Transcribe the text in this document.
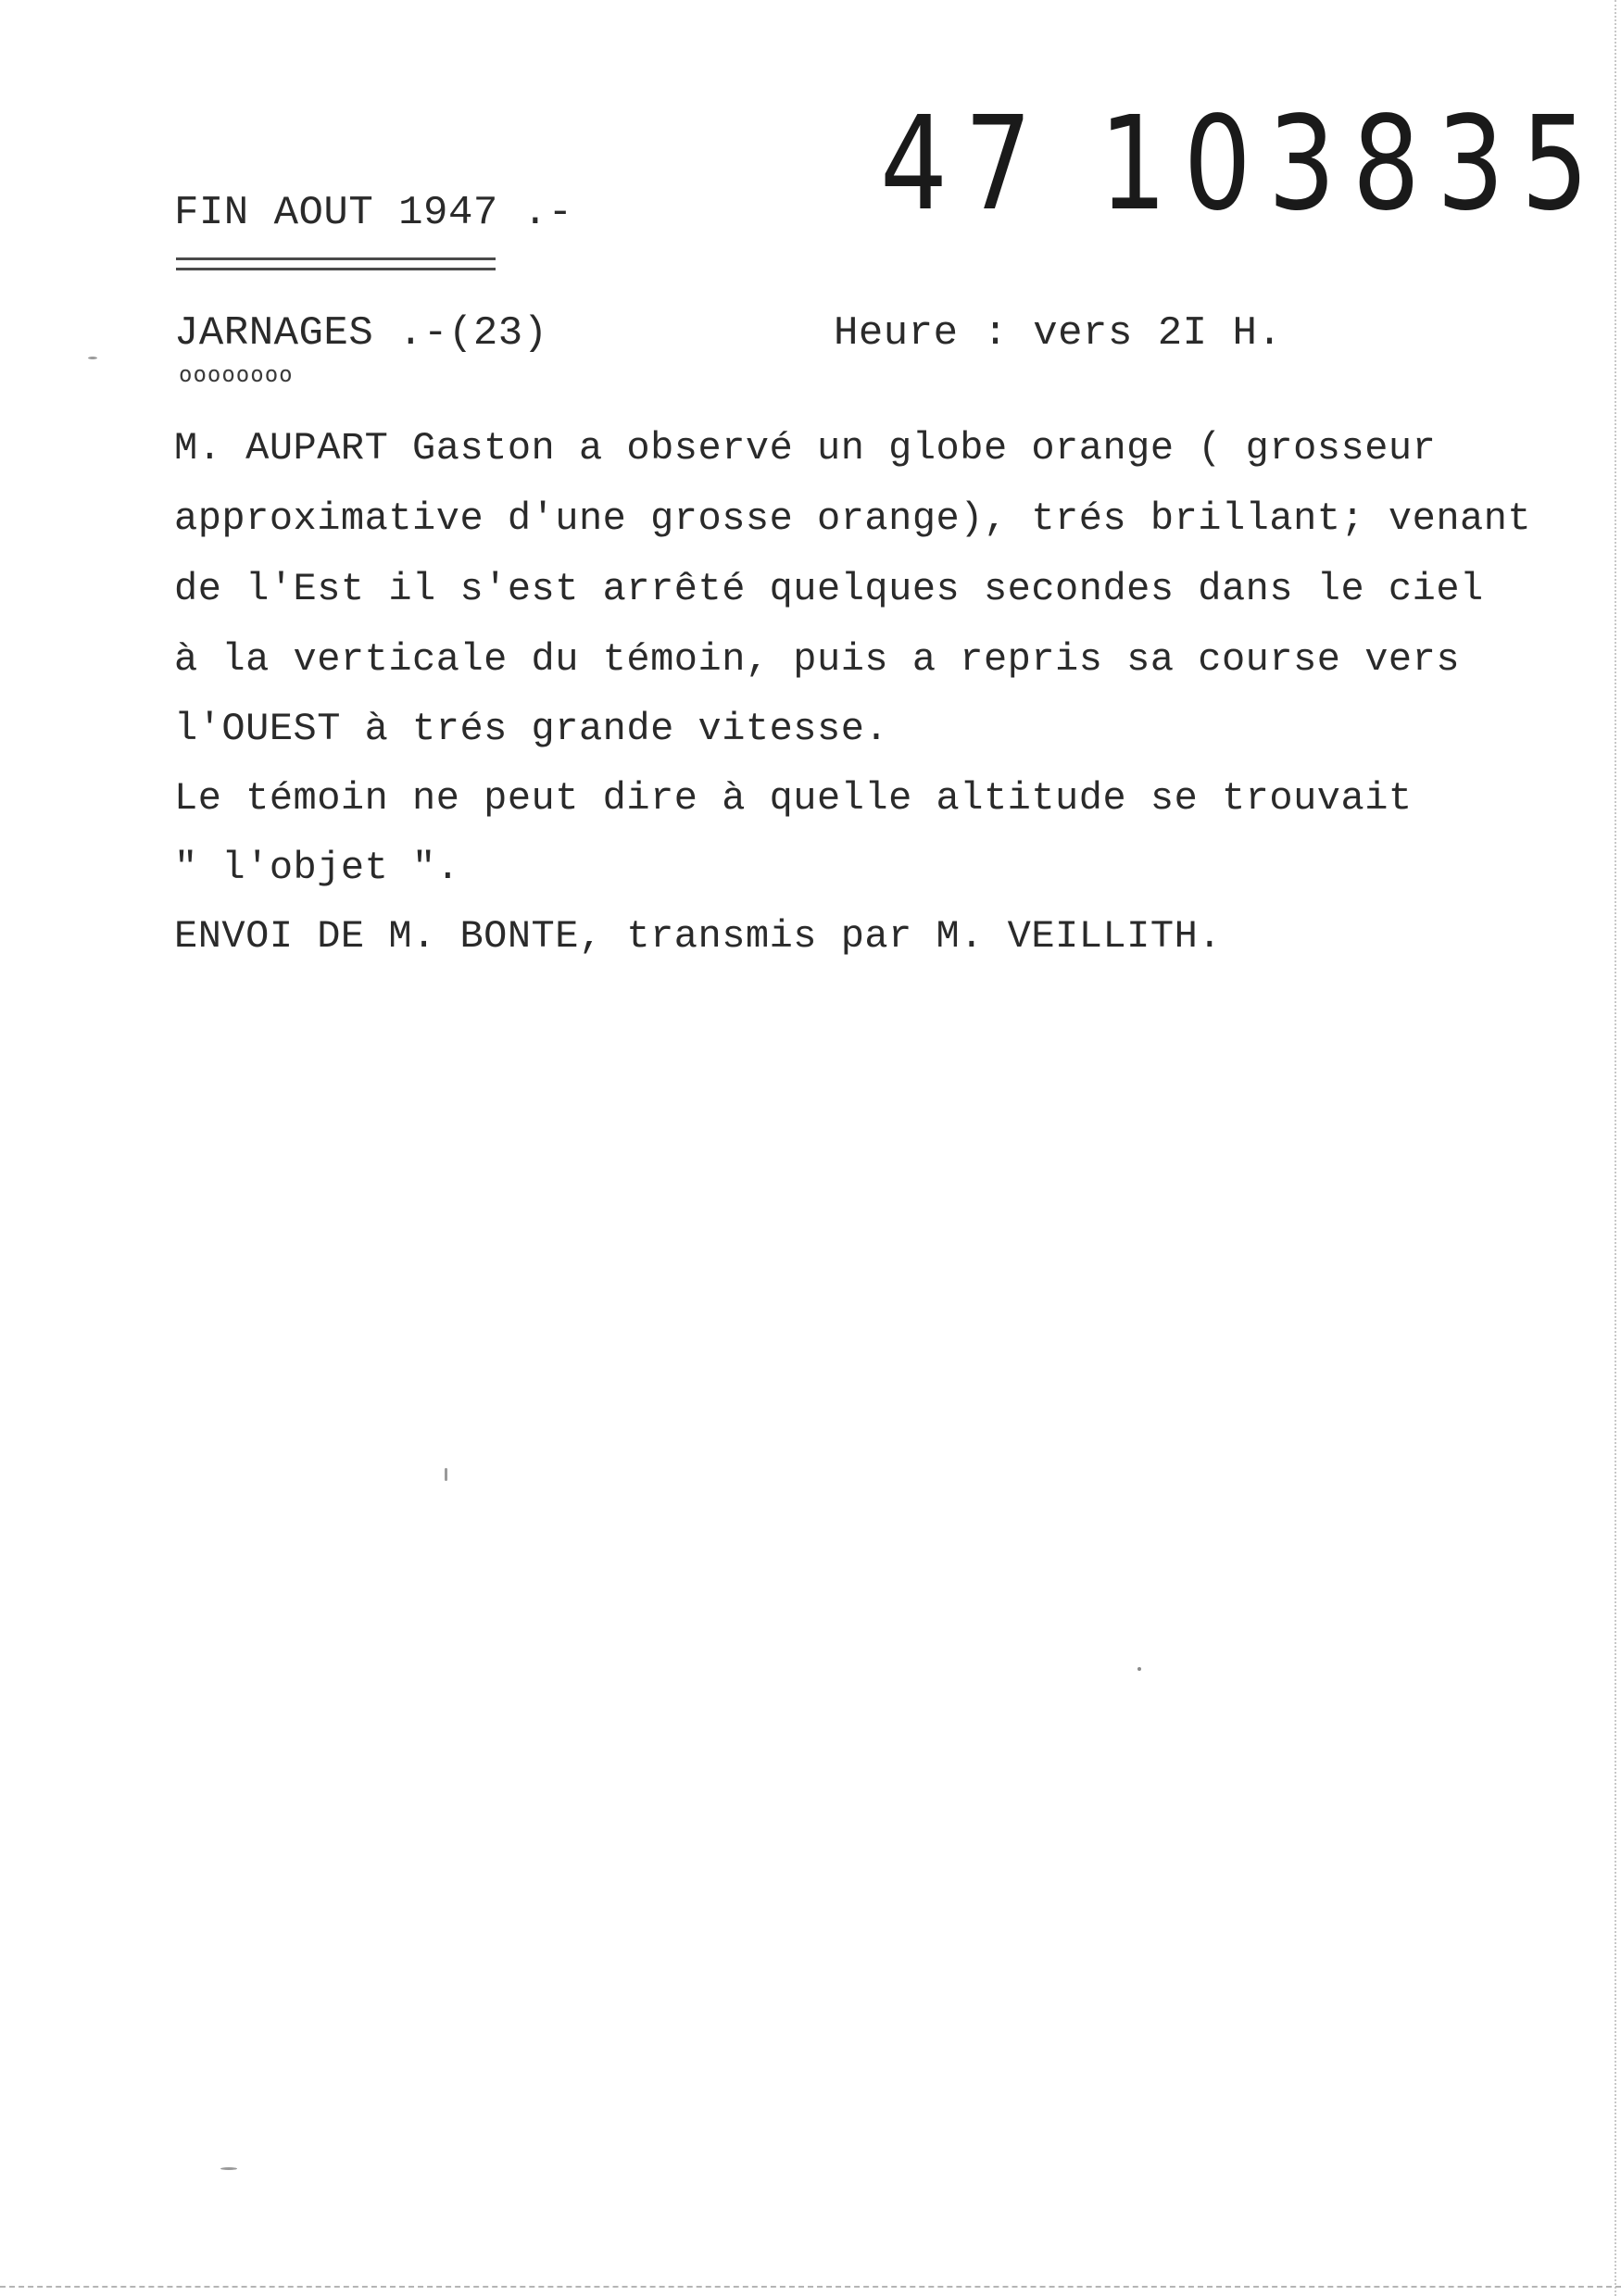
47 103835
FIN AOUT 1947 .-
JARNAGES .-(23)
oooooooo
Heure : vers 2I H.
M. AUPART Gaston a observé un globe orange ( grosseur
approximative d'une grosse orange), trés brillant; venant
de l'Est il s'est arrêté quelques secondes dans le ciel
à la verticale du témoin, puis a repris sa course vers
l'OUEST à trés grande vitesse.
Le témoin ne peut dire à quelle altitude se trouvait
" l'objet ".
ENVOI DE M. BONTE, transmis par M. VEILLITH.
